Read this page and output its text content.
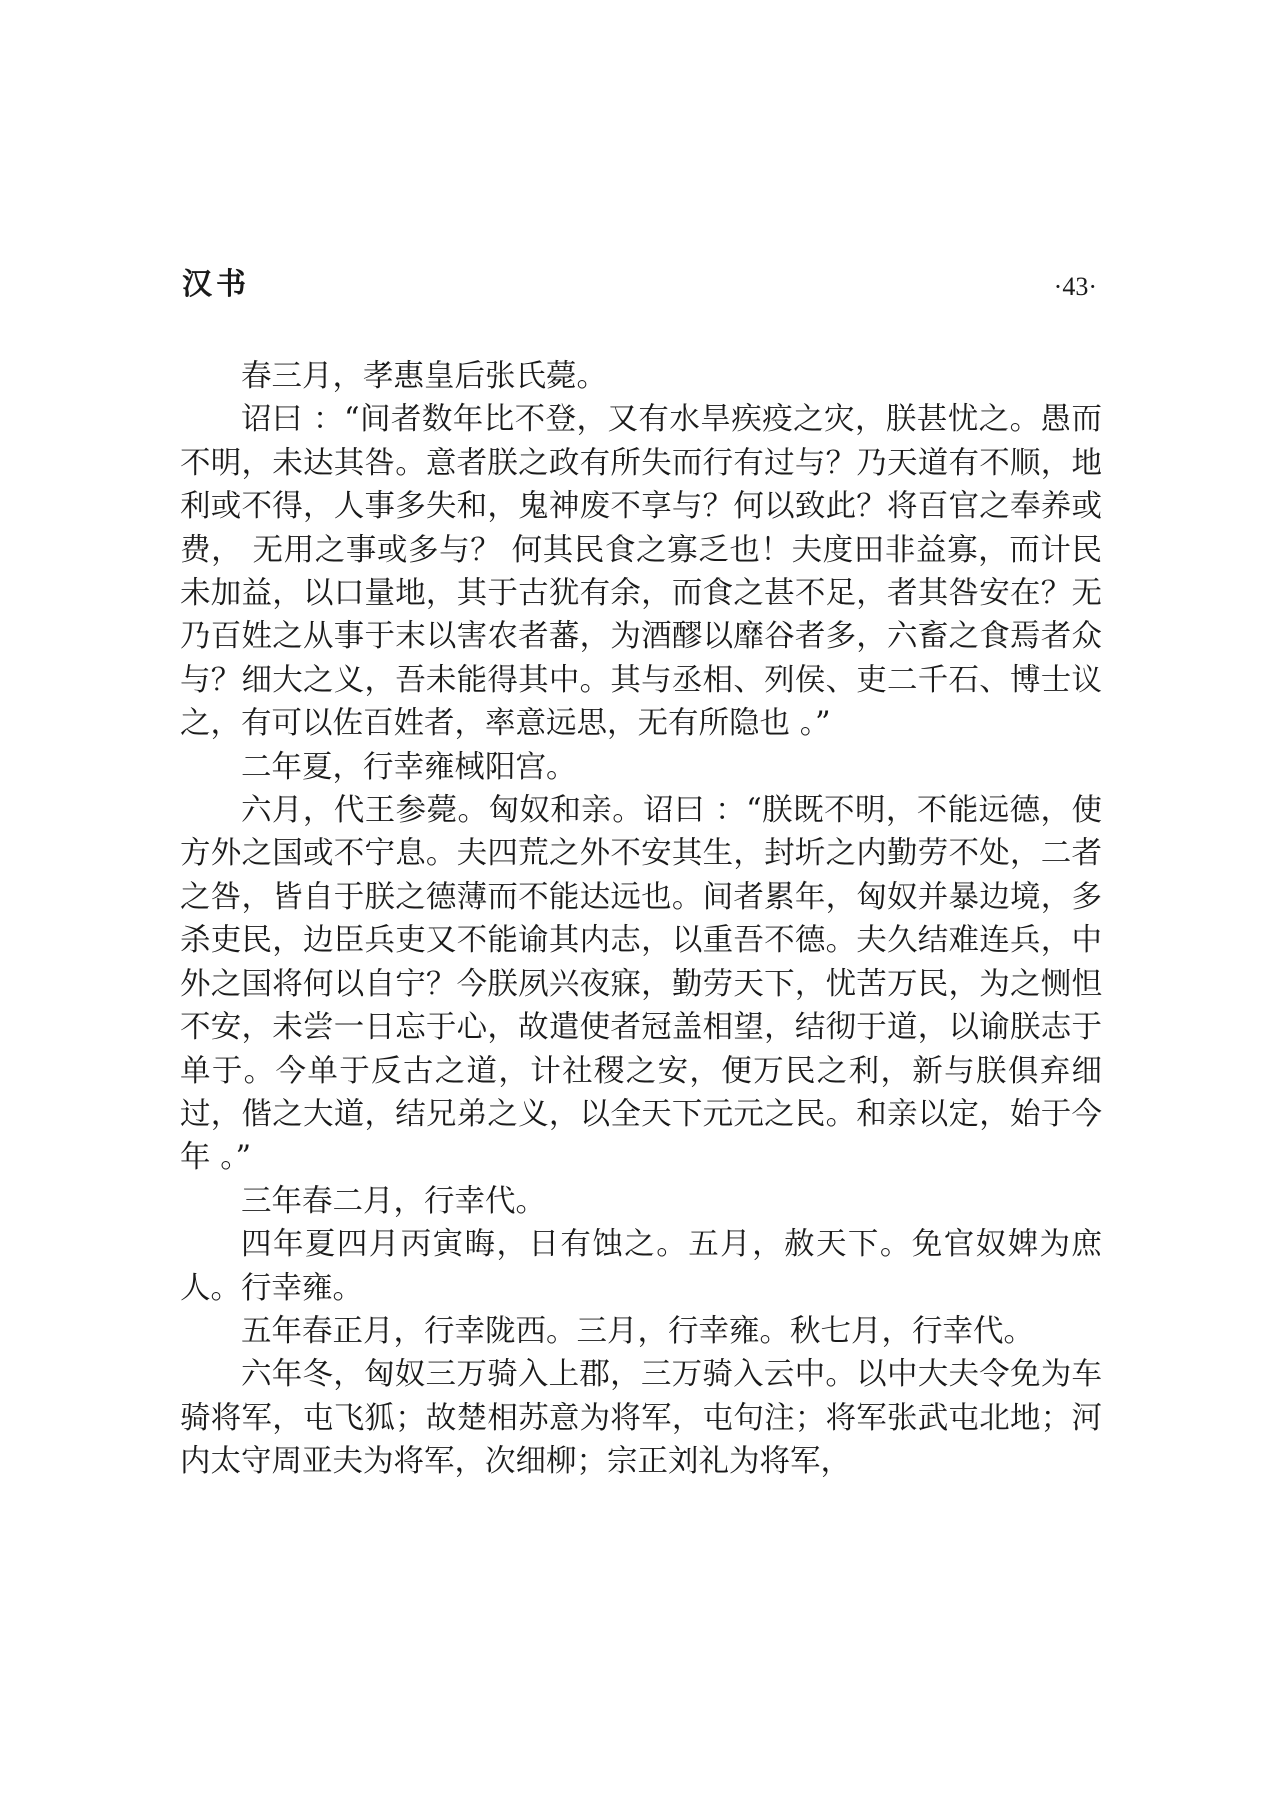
汉书	·43·

春三月，孝惠皇后张氏薨。

诏曰 ：“间者数年比不登，又有水旱疾疫之灾，朕甚忧之。愚而不明，未达其咎。意者朕之政有所失而行有过与？乃天道有不顺，地利或不得，人事多失和，鬼神废不享与？何以致此？将百官之奉养或费， 无用之事或多与？ 何其民食之寡乏也！夫度田非益寡，而计民未加益，以口量地，其于古犹有余，而食之甚不足，者其咎安在？无乃百姓之从事于末以害农者蕃，为酒醪以靡谷者多，六畜之食焉者众与？细大之义，吾未能得其中。其与丞相、列侯、吏二千石、博士议之，有可以佐百姓者，率意远思，无有所隐也 。”

二年夏，行幸雍棫阳宫。

六月，代王参薨。匈奴和亲。诏曰 ：“朕既不明，不能远德，使方外之国或不宁息。夫四荒之外不安其生，封圻之内勤劳不处，二者之咎，皆自于朕之德薄而不能达远也。间者累年，匈奴并暴边境，多杀吏民，边臣兵吏又不能谕其内志，以重吾不德。夫久结难连兵，中外之国将何以自宁？今朕夙兴夜寐，勤劳天下，忧苦万民，为之恻怛不安，未尝一日忘于心，故遣使者冠盖相望，结彻于道，以谕朕志于单于。今单于反古之道，计社稷之安，便万民之利，新与朕俱弃细过，偕之大道，结兄弟之义，以全天下元元之民。和亲以定，始于今年 。”

三年春二月，行幸代。

四年夏四月丙寅晦，日有蚀之。五月，赦天下。免官奴婢为庶人。行幸雍。

五年春正月，行幸陇西。三月，行幸雍。秋七月，行幸代。

六年冬，匈奴三万骑入上郡，三万骑入云中。以中大夫令免为车骑将军，屯飞狐；故楚相苏意为将军，屯句注；将军张武屯北地；河内太守周亚夫为将军，次细柳；宗正刘礼为将军，
